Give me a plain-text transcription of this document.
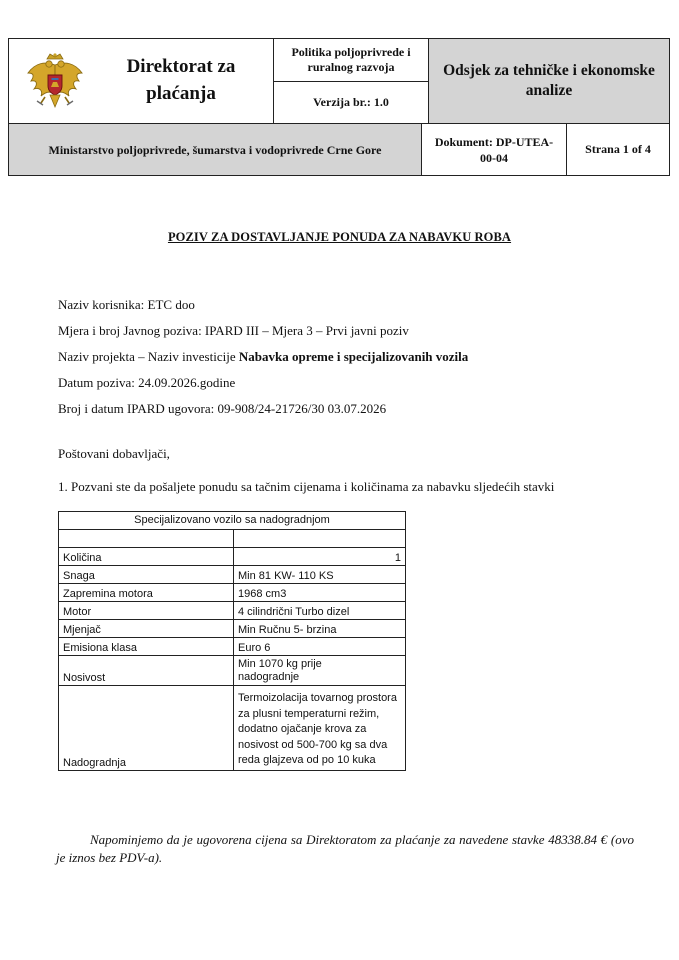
Direktorat za
plaćanja
Politika poljoprivrede i ruralnog razvoja
Verzija br.: 1.0
Odsjek za tehničke i ekonomske analize
Ministarstvo poljoprivrede, šumarstva i vodoprivrede Crne Gore
Dokument: DP-UTEA-00-04
Strana 1 of 4
POZIV ZA DOSTAVLJANJE PONUDA ZA NABAVKU ROBA
Naziv korisnika: ETC doo
Mjera i broj Javnog poziva: IPARD III – Mjera 3 – Prvi javni poziv
Naziv projekta – Naziv investicije Nabavka opreme i specijalizovanih vozila
Datum poziva: 24.09.2026.godine
Broj i datum IPARD ugovora: 09-908/24-21726/30 03.07.2026
Poštovani dobavljači,
1. Pozvani ste da pošaljete ponudu sa tačnim cijenama i količinama za nabavku sljedećih stavki
Specijalizovano vozilo sa nadogradnjom	

Količina	1
Snaga	Min 81 KW- 110 KS
Zapremina motora	1968 cm3
Motor	4 cilindrični Turbo dizel
Mjenjač	Min Ručnu 5- brzina
Emisiona klasa	Euro 6
Nosivost	Min 1070 kg prije nadogradnje
Nadogradnja	Termoizolacija tovarnog prostora za plusni temperaturni režim, dodatno ojačanje krova za nosivost od 500-700 kg sa dva reda glajzeva od po 10 kuka
Napominjemo da je ugovorena cijena sa Direktoratom za plaćanje za navedene stavke 48338.84 € (ovo je iznos bez PDV-a).
